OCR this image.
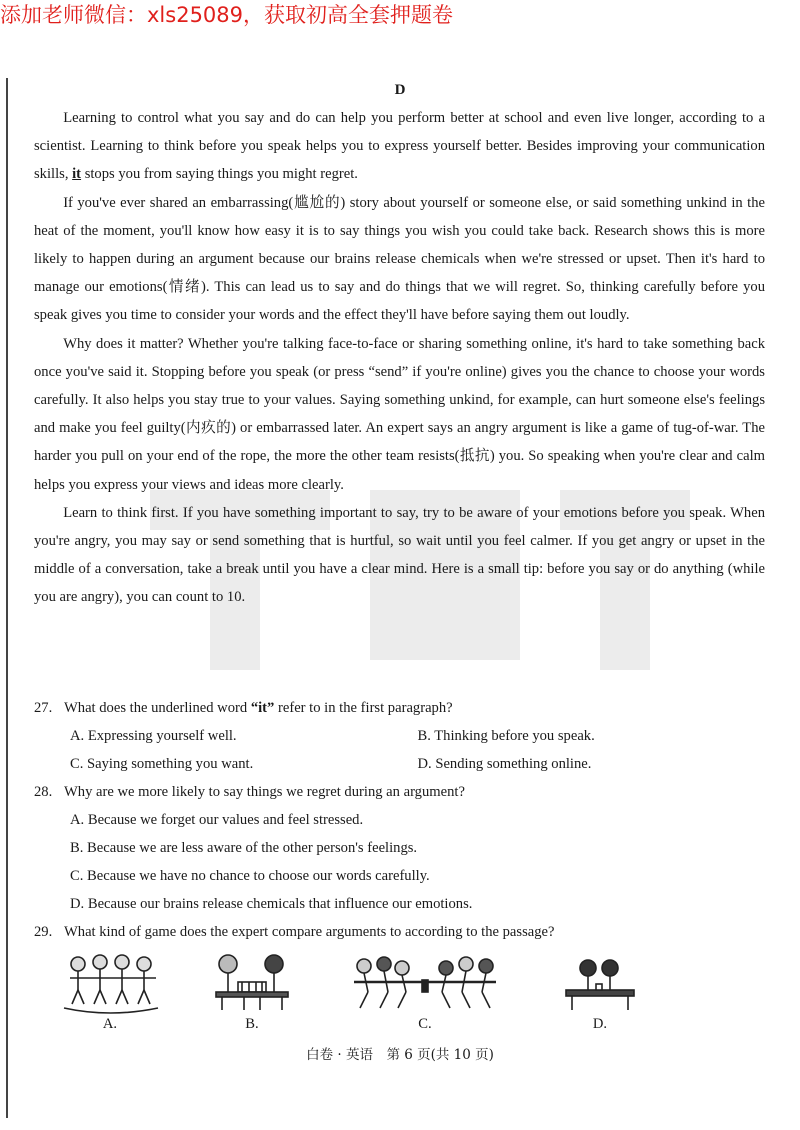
添加老师微信：xls25089，获取初高全套押题卷
D

Learning to control what you say and do can help you perform better at school and even live longer, according to a scientist. Learning to think before you speak helps you to express yourself better. Besides improving your communication skills, it stops you from saying things you might regret.

If you've ever shared an embarrassing(尴尬的) story about yourself or someone else, or said something unkind in the heat of the moment, you'll know how easy it is to say things you wish you could take back. Research shows this is more likely to happen during an argument because our brains release chemicals when we're stressed or upset. Then it's hard to manage our emotions(情绪). This can lead us to say and do things that we will regret. So, thinking carefully before you speak gives you time to consider your words and the effect they'll have before saying them out loudly.

Why does it matter? Whether you're talking face-to-face or sharing something online, it's hard to take something back once you've said it. Stopping before you speak (or press “send” if you're online) gives you the chance to choose your words carefully. It also helps you stay true to your values. Saying something unkind, for example, can hurt someone else's feelings and make you feel guilty(内疚的) or embarrassed later. An expert says an angry argument is like a game of tug-of-war. The harder you pull on your end of the rope, the more the other team resists(抵抗) you. So speaking when you're clear and calm helps you express your views and ideas more clearly.

Learn to think first. If you have something important to say, try to be aware of your emotions before you speak. When you're angry, you may say or send something that is hurtful, so wait until you feel calmer. If you get angry or upset in the middle of a conversation, take a break until you have a clear mind. Here is a small tip: before you say or do anything (while you are angry), you can count to 10.

27. What does the underlined word “it” refer to in the first paragraph?

A. Expressing yourself well.	B. Thinking before you speak.
C. Saying something you want.	D. Sending something online.

28. Why are we more likely to say things we regret during an argument?

A. Because we forget our values and feel stressed.

B. Because we are less aware of the other person's feelings.

C. Because we have no chance to choose our words carefully.

D. Because our brains release chemicals that influence our emotions.

29. What kind of game does the expert compare arguments to according to the passage?

A.	B.	C.	D.
白卷 · 英语　第 6 页(共 10 页)
